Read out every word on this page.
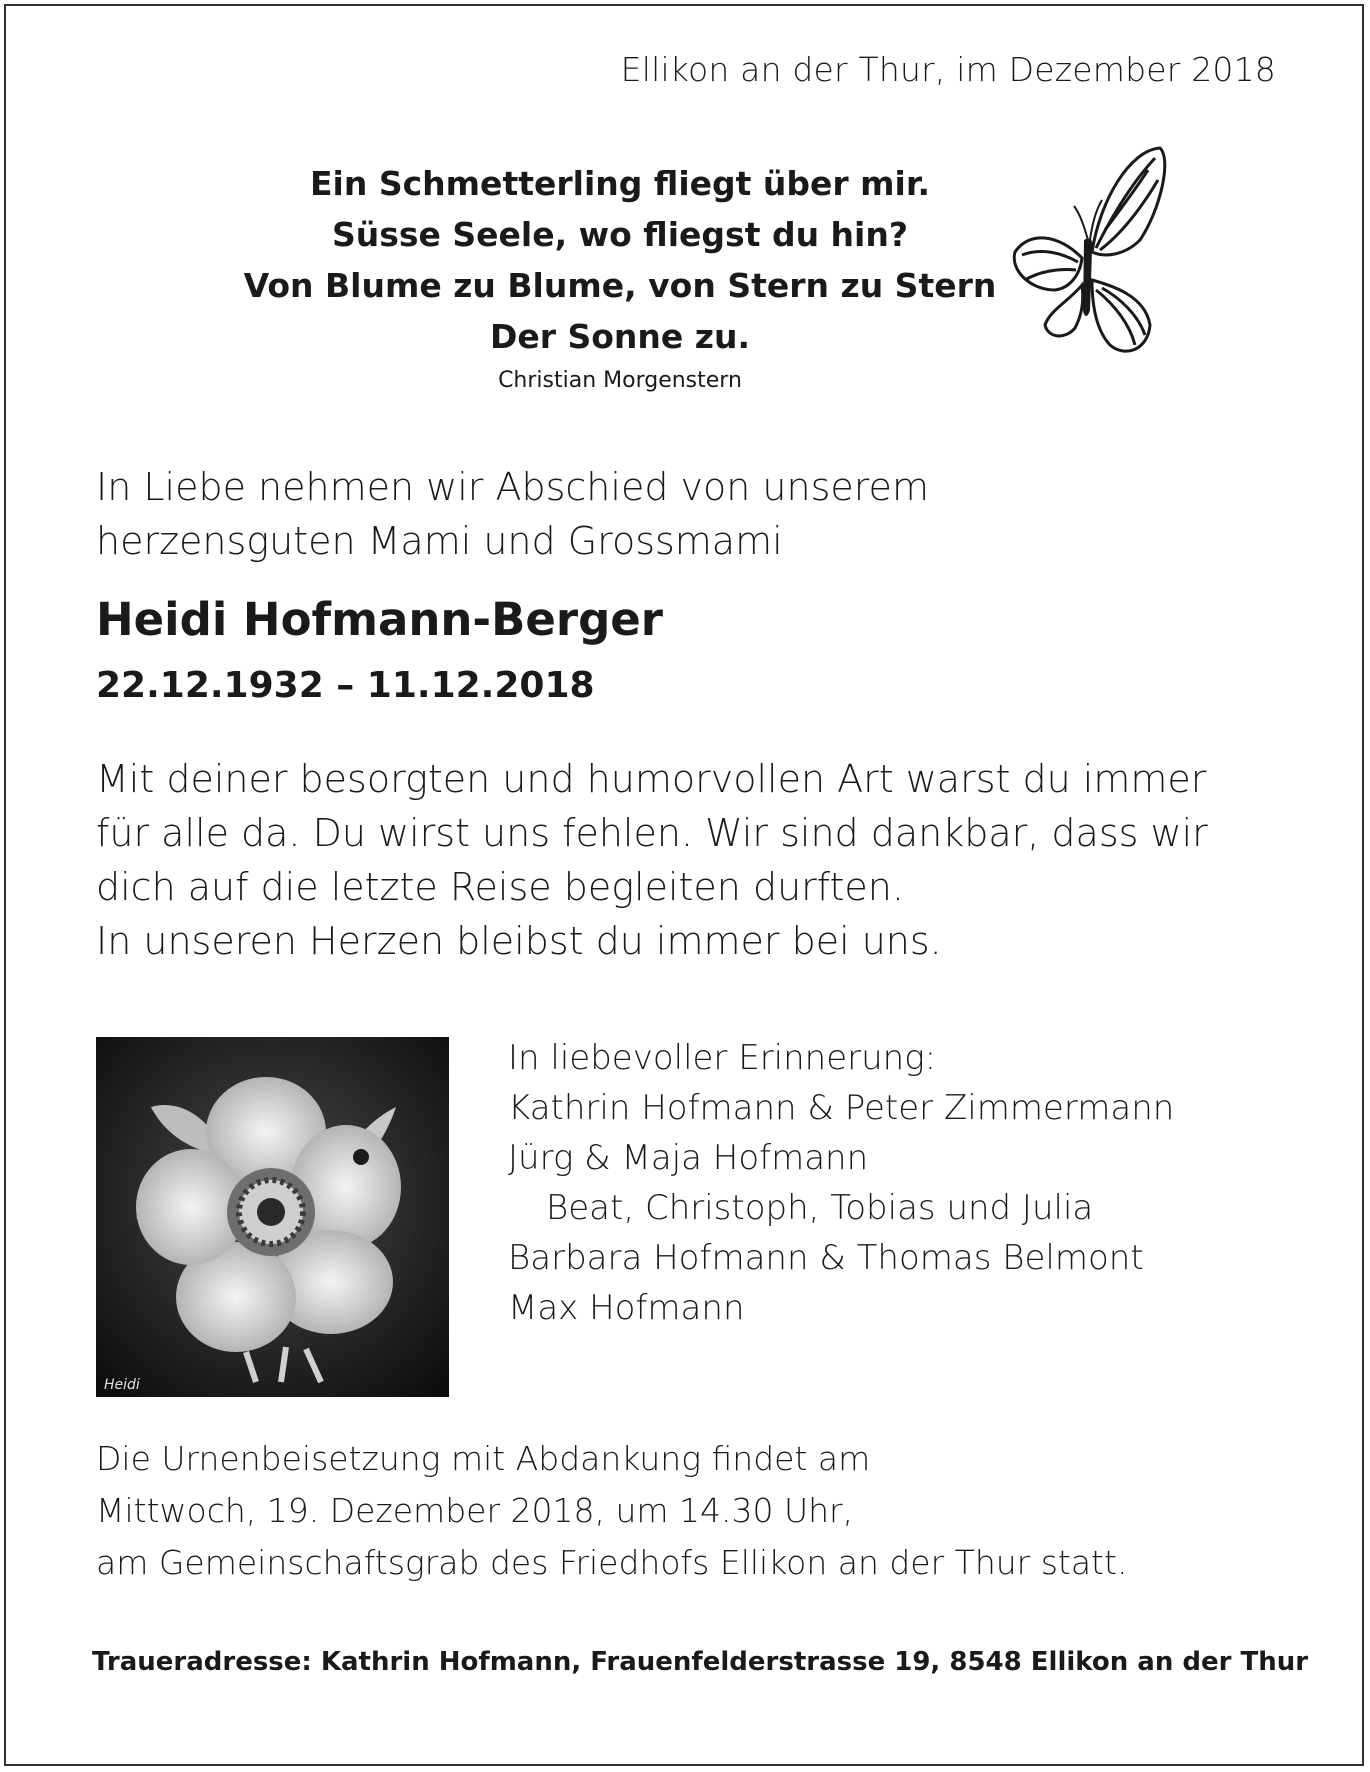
Ellikon an der Thur, im Dezember 2018

Ein Schmetterling fliegt über mir.
Süsse Seele, wo fliegst du hin?
Von Blume zu Blume, von Stern zu Stern
Der Sonne zu.

Christian Morgenstern

In Liebe nehmen wir Abschied von unserem
herzensguten Mami und Grossmami
Heidi Hofmann-Berger
22.12.1932 – 11.12.2018
Mit deiner besorgten und humorvollen Art warst du immer
für alle da. Du wirst uns fehlen. Wir sind dankbar, dass wir
dich auf die letzte Reise begleiten durften.
In unseren Herzen bleibst du immer bei uns.
Heidi
In liebevoller Erinnerung:
Kathrin Hofmann & Peter Zimmermann
Jürg & Maja Hofmann
Beat, Christoph, Tobias und Julia
Barbara Hofmann & Thomas Belmont
Max Hofmann
Die Urnenbeisetzung mit Abdankung findet am
Mittwoch, 19. Dezember 2018, um 14.30 Uhr,
am Gemeinschaftsgrab des Friedhofs Ellikon an der Thur statt.

Traueradresse: Kathrin Hofmann, Frauenfelderstrasse 19, 8548 Ellikon an der Thur
